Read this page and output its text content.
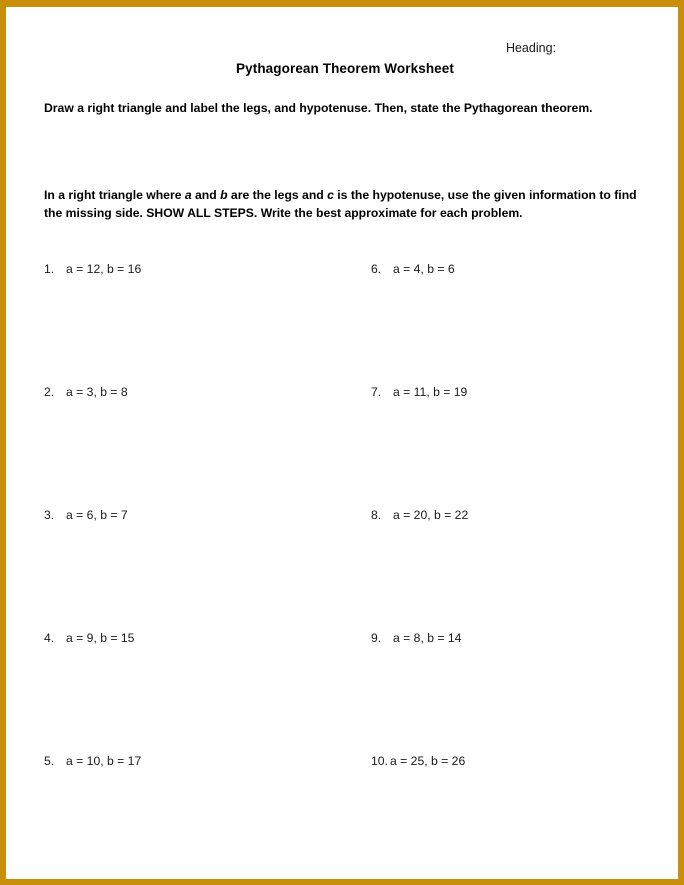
Heading:
Pythagorean Theorem Worksheet

Draw a right triangle and label the legs, and hypotenuse. Then, state the Pythagorean theorem.

In a right triangle where a and b are the legs and c is the hypotenuse, use the given information to find the missing side. SHOW ALL STEPS. Write the best approximate for each problem.

1. a = 12, b = 16	6. a = 4, b = 6
2. a = 3, b = 8	7. a = 11, b = 19
3. a = 6, b = 7	8. a = 20, b = 22
4. a = 9, b = 15	9. a = 8, b = 14
5. a = 10, b = 17	10. a = 25, b = 26
